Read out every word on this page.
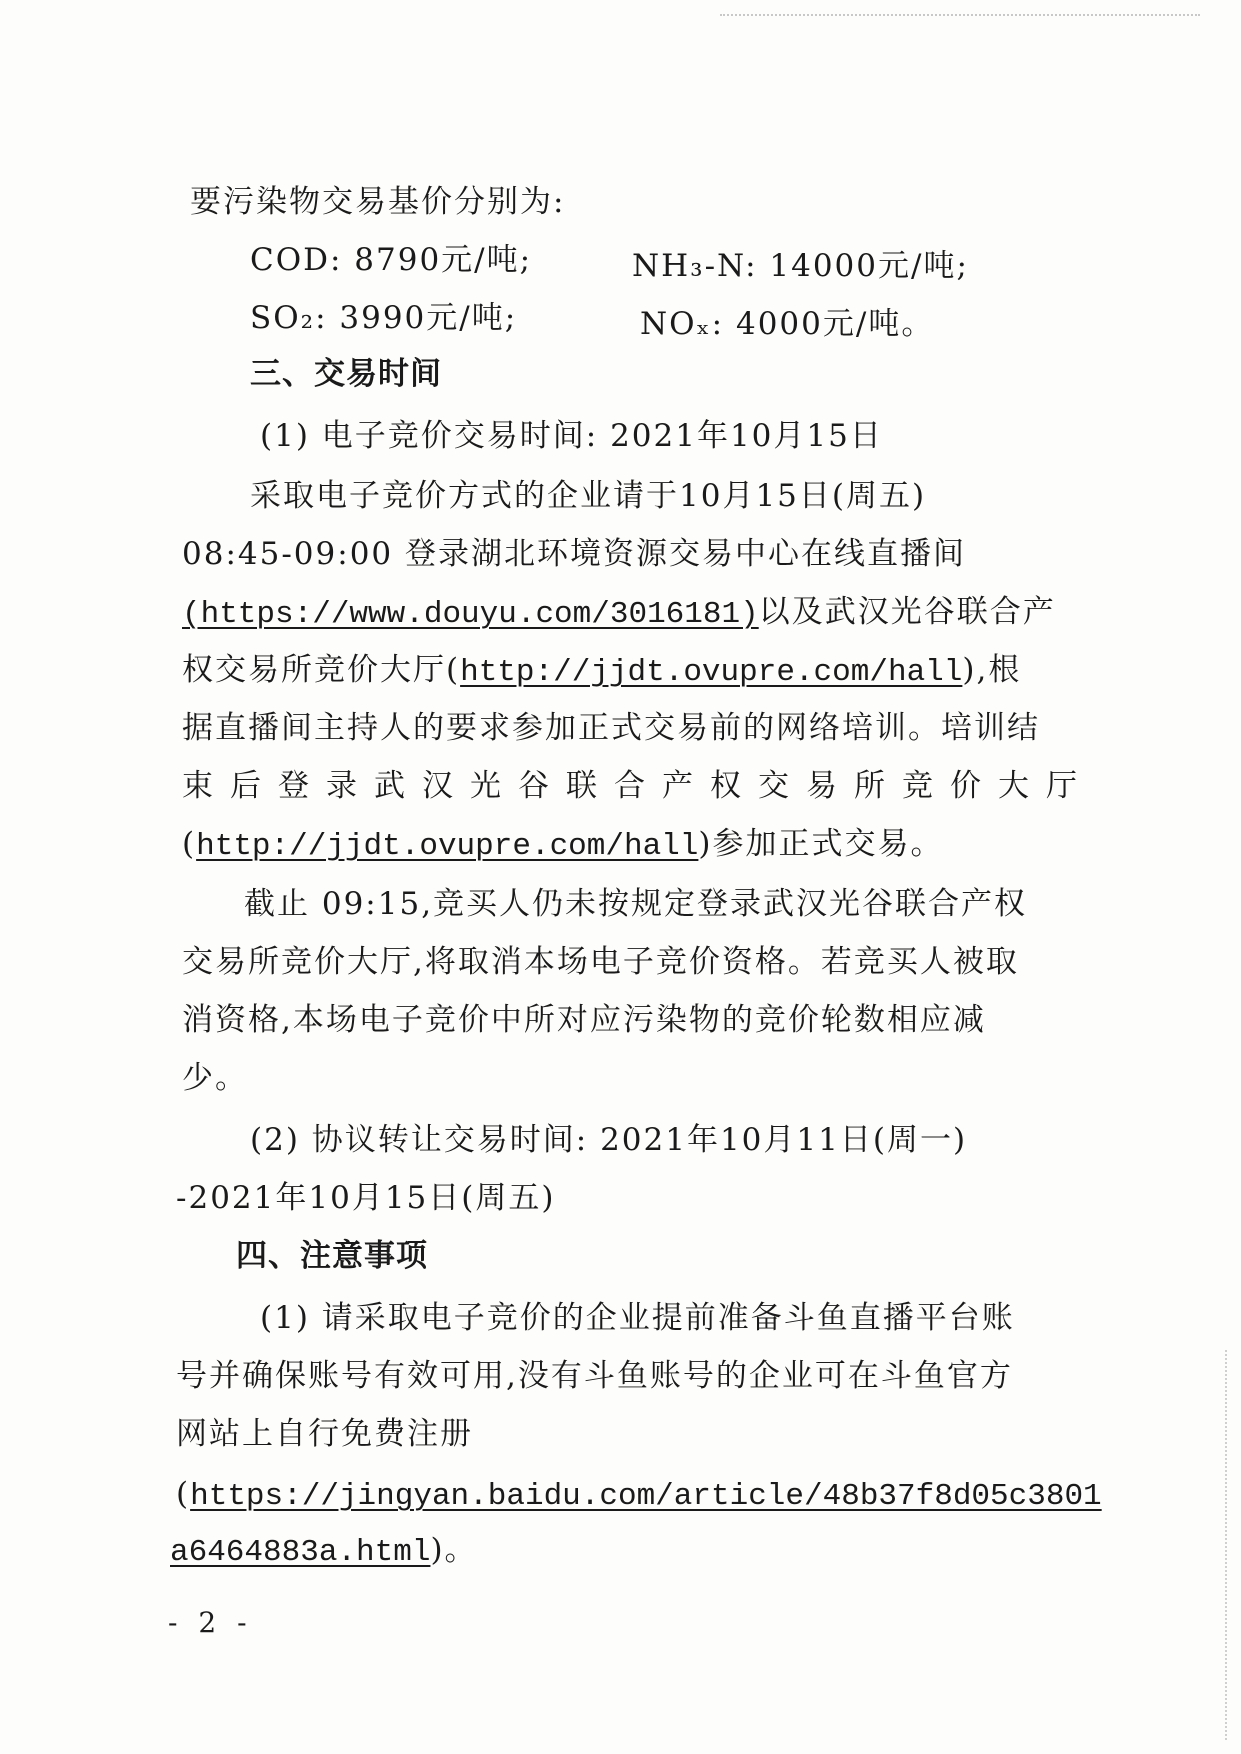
要污染物交易基价分别为:
COD: 8790元/吨;	NH₃-N: 14000元/吨;
SO₂: 3990元/吨;	NOₓ: 4000元/吨。
三、交易时间
(1) 电子竞价交易时间: 2021年10月15日
采取电子竞价方式的企业请于10月15日(周五)
08:45-09:00 登录湖北环境资源交易中心在线直播间
(https://www.douyu.com/3016181)以及武汉光谷联合产
权交易所竞价大厅(http://jjdt.ovupre.com/hall),根
据直播间主持人的要求参加正式交易前的网络培训。培训结
束后登录武汉光谷联合产权交易所竞价大厅
(http://jjdt.ovupre.com/hall)参加正式交易。
截止 09:15,竞买人仍未按规定登录武汉光谷联合产权
交易所竞价大厅,将取消本场电子竞价资格。若竞买人被取
消资格,本场电子竞价中所对应污染物的竞价轮数相应减
少。
(2) 协议转让交易时间: 2021年10月11日(周一)
-2021年10月15日(周五)
四、注意事项
(1) 请采取电子竞价的企业提前准备斗鱼直播平台账
号并确保账号有效可用,没有斗鱼账号的企业可在斗鱼官方
网站上自行免费注册
(https://jingyan.baidu.com/article/48b37f8d05c3801
a6464883a.html)。
- 2 -
